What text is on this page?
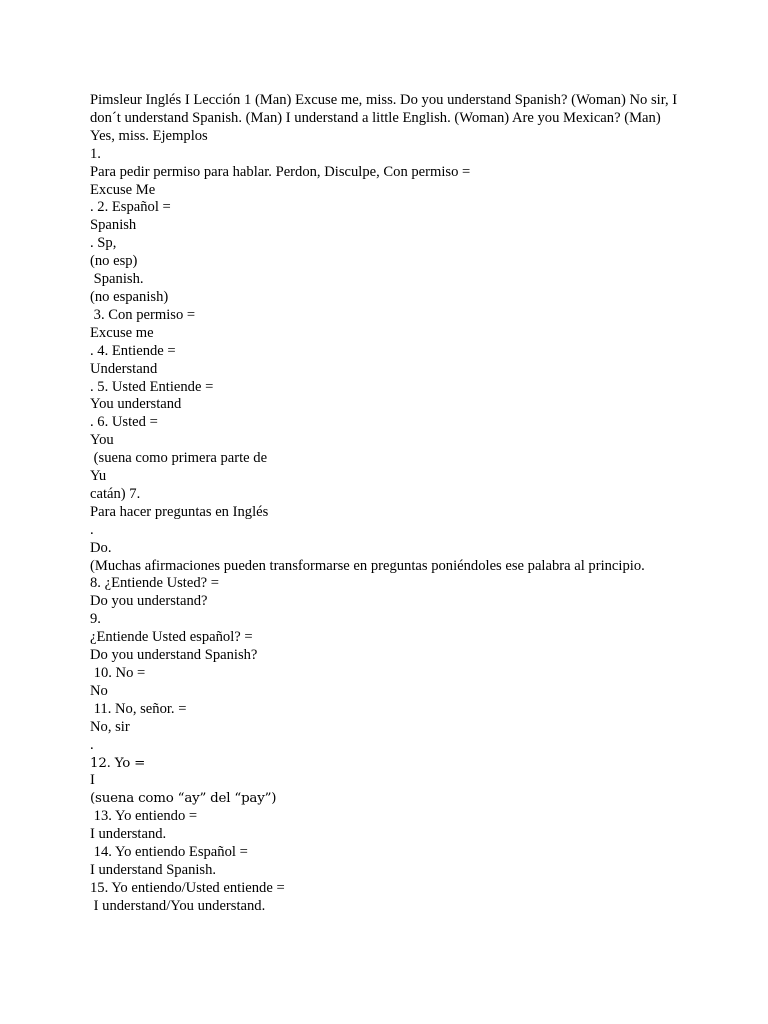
Pimsleur Inglés I Lección 1 (Man) Excuse me, miss. Do you understand Spanish? (Woman) No sir, I don´t understand Spanish. (Man) I understand a little English. (Woman) Are you Mexican? (Man) Yes, miss. Ejemplos

1.
Para pedir permiso para hablar. Perdon, Disculpe, Con permiso =
Excuse Me
. 2. Español =
Spanish
. Sp,
(no esp)
Spanish.
(no espanish)
3. Con permiso =
Excuse me
. 4. Entiende =
Understand
. 5. Usted Entiende =
You understand
. 6. Usted =
You
(suena como primera parte de
Yu
catán) 7.
Para hacer preguntas en Inglés
.
Do.
(Muchas afirmaciones pueden transformarse en preguntas poniéndoles ese palabra al principio.
8. ¿Entiende Usted? =
Do you understand?
9.
¿Entiende Usted español? =
Do you understand Spanish?
10. No =
No
11. No, señor. =
No, sir
.
12. Yo =
I
(suena como “ay” del “pay”)
13. Yo entiendo =
I understand.
14. Yo entiendo Español =
I understand Spanish.
15. Yo entiendo/Usted entiende =
I understand/You understand.
